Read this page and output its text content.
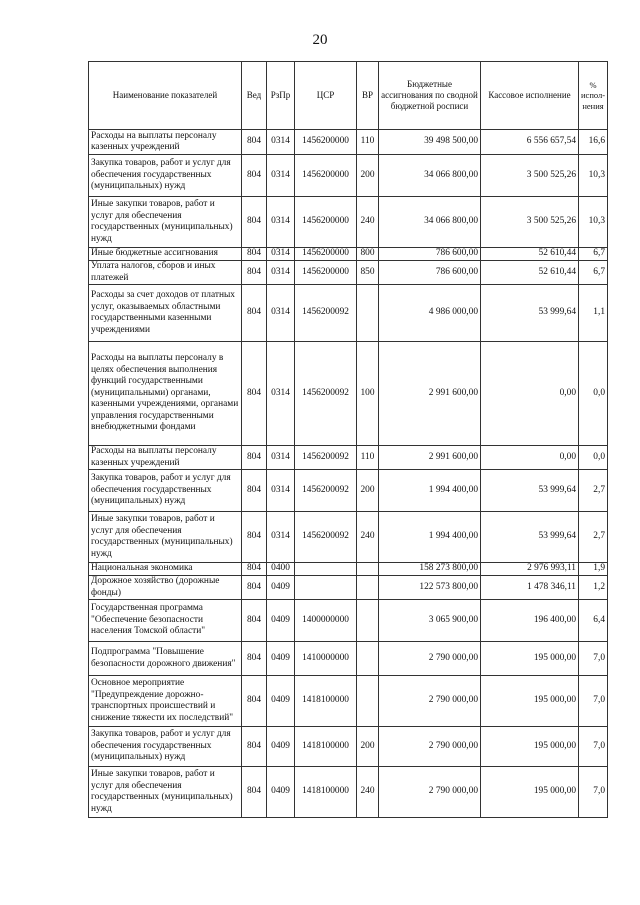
20
Наименование показателей	Вед	РзПр	ЦСР	ВР	Бюджетные ассигнования по сводной бюджетной росписи	Кассовое исполнение	% испол- нения
Расходы на выплаты персоналу казенных учреждений	804	0314	1456200000	110	39 498 500,00	6 556 657,54	16,6
Закупка товаров, работ и услуг для обеспечения государственных (муниципальных) нужд	804	0314	1456200000	200	34 066 800,00	3 500 525,26	10,3
Иные закупки товаров, работ и услуг для обеспечения государственных (муниципальных) нужд	804	0314	1456200000	240	34 066 800,00	3 500 525,26	10,3
Иные бюджетные ассигнования	804	0314	1456200000	800	786 600,00	52 610,44	6,7
Уплата налогов, сборов и иных платежей	804	0314	1456200000	850	786 600,00	52 610,44	6,7
Расходы за счет доходов от платных услуг, оказываемых областными государственными казенными учреждениями	804	0314	1456200092		4 986 000,00	53 999,64	1,1
Расходы на выплаты персоналу в целях обеспечения выполнения функций государственными (муниципальными) органами, казенными учреждениями, органами управления государственными внебюджетными фондами	804	0314	1456200092	100	2 991 600,00	0,00	0,0
Расходы на выплаты персоналу казенных учреждений	804	0314	1456200092	110	2 991 600,00	0,00	0,0
Закупка товаров, работ и услуг для обеспечения государственных (муниципальных) нужд	804	0314	1456200092	200	1 994 400,00	53 999,64	2,7
Иные закупки товаров, работ и услуг для обеспечения государственных (муниципальных) нужд	804	0314	1456200092	240	1 994 400,00	53 999,64	2,7
Национальная экономика	804	0400			158 273 800,00	2 976 993,11	1,9
Дорожное хозяйство (дорожные фонды)	804	0409			122 573 800,00	1 478 346,11	1,2
Государственная программа "Обеспечение безопасности населения Томской области"	804	0409	1400000000		3 065 900,00	196 400,00	6,4
Подпрограмма "Повышение безопасности дорожного движения"	804	0409	1410000000		2 790 000,00	195 000,00	7,0
Основное мероприятие "Предупреждение дорожно-транспортных происшествий и снижение тяжести их последствий"	804	0409	1418100000		2 790 000,00	195 000,00	7,0
Закупка товаров, работ и услуг для обеспечения государственных (муниципальных) нужд	804	0409	1418100000	200	2 790 000,00	195 000,00	7,0
Иные закупки товаров, работ и услуг для обеспечения государственных (муниципальных) нужд	804	0409	1418100000	240	2 790 000,00	195 000,00	7,0
